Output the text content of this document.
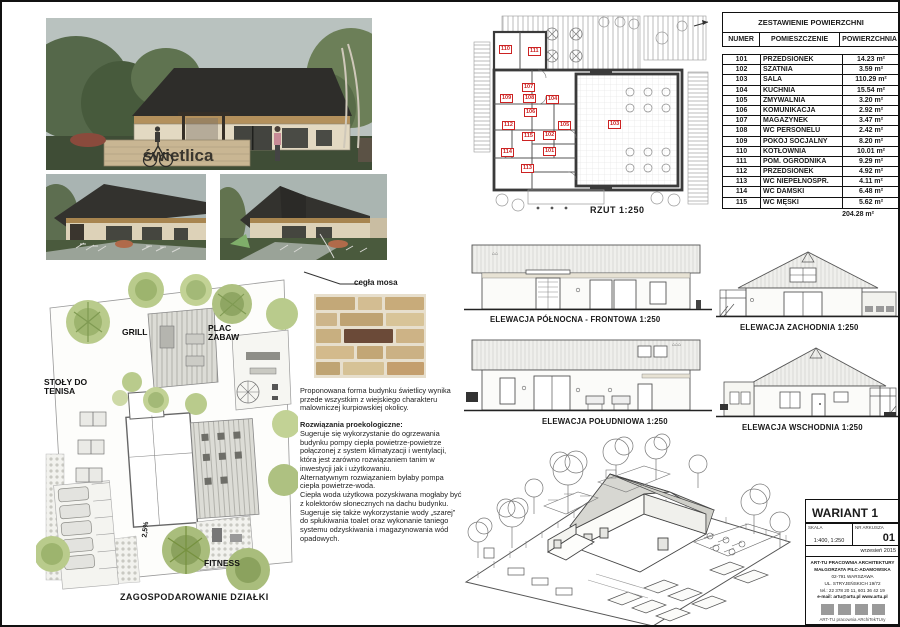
świetlica
110	111
107
109	108	104
106
112
115
105
102
103
114	101
113
RZUT 1:250
ZESTAWIENIE POWIERZCHNI
NUMER	POMIESZCZENIE	POWIERZCHNIA
101	PRZEDSIONEK	14.23 m²
102	SZATNIA	3.59 m²
103	SALA	110.29 m²
104	KUCHNIA	15.54 m²
105	ZMYWALNIA	3.20 m²
106	KOMUNIKACJA	2.92 m²
107	MAGAZYNEK	3.47 m²
108	WC PERSONELU	2.42 m²
109	POKÓJ SOCJALNY	8.20 m²
110	KOTŁOWNIA	10.01 m²
111	POM. OGRODNIKA	9.29 m²
112	PRZEDSIONEK	4.92 m²
113	WC NIEPEŁNOSPR.	4.11 m²
114	WC DAMSKI	6.48 m²
115	WC MĘSKI	5.62 m²
204.28 m²
GRILL	PLAC ZABAW
STOŁY DO TENISA
FITNESS
2,5%
ZAGOSPODAROWANIE DZIAŁKI
cegła mosa

Proponowana forma budynku świetlicy wynika przede wszystkim z wiejskiego charakteru malowniczej kurpiowskiej okolicy.

Rozwiązania proekologiczne:

Sugeruje się wykorzystanie do ogrzewania budynku pompy ciepła powietrze-powietrze połączonej z system klimatyzacji i wentylacji, która jest zarówno rozwiązaniem tanim w inwestycji jak i użytkowaniu.

Alternatywnym rozwiązaniem byłaby pompa ciepła powietrze-woda.

Ciepła woda użytkowa pozyskiwana mogłaby być z kolektorów słonecznych na dachu budynku.

Sugeruje się także wykorzystanie wody „szarej” do spłukiwania toalet oraz wykonanie taniego systemu odzyskiwania i magazynowania wód opadowych.

⌂⌂
ELEWACJA PÓŁNOCNA - FRONTOWA 1:250
⌂⌂⌂
ELEWACJA POŁUDNIOWA 1:250
ELEWACJA ZACHODNIA 1:250
ELEWACJA WSCHODNIA 1:250
WARIANT 1
SKALA
1:400, 1:250
NR ARKUSZA
01
wrzesień 2015
ART-TU PRACOWNIA ARCHITEKTURY
MAŁGORZATA PILC-ADAMOWSKA
02-791 WARSZAWA
UL. STRYJEŃSKICH 19/72
tel.: 22 378 20 11, 601 36 42 19
e-mail: artu@artu.pl www.artu.pl
ART-TU pracownia ARchiTekTUry
